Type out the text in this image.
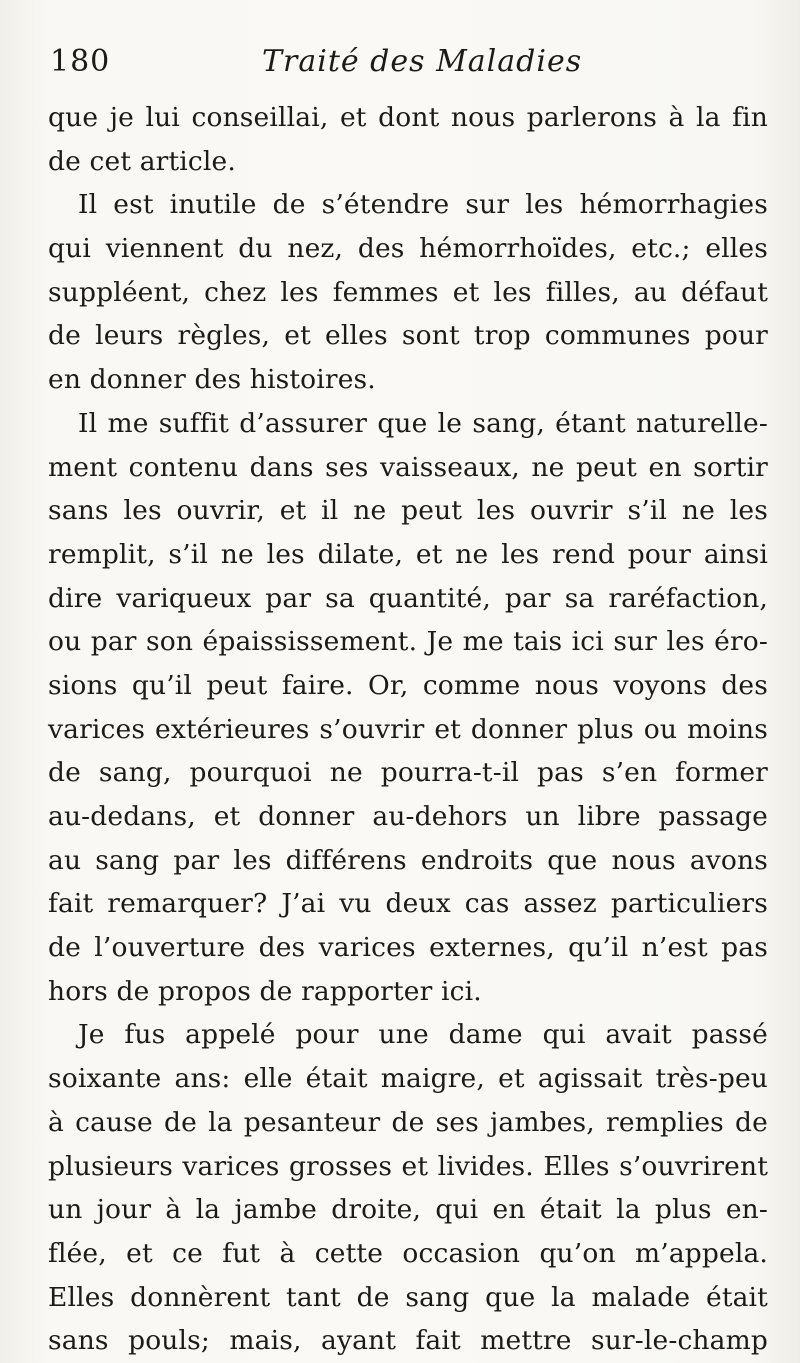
180	Traité des Maladies
que je lui conseillai, et dont nous parlerons à la fin
de cet article.
Il est inutile de s’étendre sur les hémorrhagies
qui viennent du nez, des hémorrhoïdes, etc.; elles
suppléent, chez les femmes et les filles, au défaut
de leurs règles, et elles sont trop communes pour
en donner des histoires.
Il me suffit d’assurer que le sang, étant naturelle-
ment contenu dans ses vaisseaux, ne peut en sortir
sans les ouvrir, et il ne peut les ouvrir s’il ne les
remplit, s’il ne les dilate, et ne les rend pour ainsi
dire variqueux par sa quantité, par sa raréfaction,
ou par son épaississement. Je me tais ici sur les éro-
sions qu’il peut faire. Or, comme nous voyons des
varices extérieures s’ouvrir et donner plus ou moins
de sang, pourquoi ne pourra-t-il pas s’en former
au-dedans, et donner au-dehors un libre passage
au sang par les différens endroits que nous avons
fait remarquer? J’ai vu deux cas assez particuliers
de l’ouverture des varices externes, qu’il n’est pas
hors de propos de rapporter ici.
Je fus appelé pour une dame qui avait passé
soixante ans: elle était maigre, et agissait très-peu
à cause de la pesanteur de ses jambes, remplies de
plusieurs varices grosses et livides. Elles s’ouvrirent
un jour à la jambe droite, qui en était la plus en-
flée, et ce fut à cette occasion qu’on m’appela.
Elles donnèrent tant de sang que la malade était
sans pouls; mais, ayant fait mettre sur-le-champ
